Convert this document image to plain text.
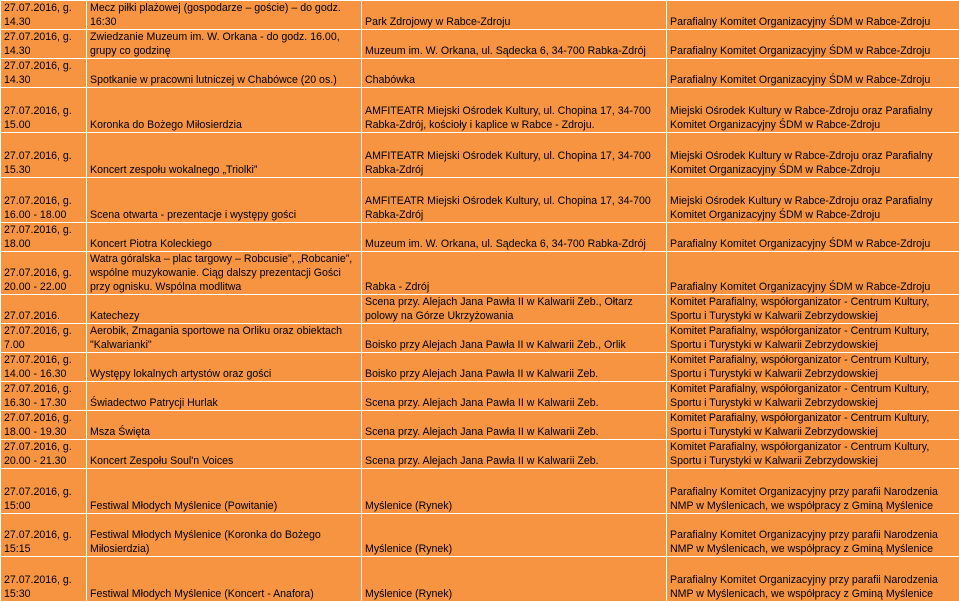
27.07.2016, g. 14.30	Mecz piłki plażowej (gospodarze – goście) – do godz. 16:30	Park Zdrojowy w Rabce-Zdroju	Parafialny Komitet Organizacyjny ŚDM w Rabce-Zdroju
27.07.2016, g. 14.30	Zwiedzanie Muzeum im. W. Orkana - do godz. 16.00, grupy co godzinę	Muzeum im. W. Orkana, ul. Sądecka 6, 34-700 Rabka-Zdrój	Parafialny Komitet Organizacyjny ŚDM w Rabce-Zdroju
27.07.2016, g. 14.30	Spotkanie w pracowni lutniczej w Chabówce (20 os.)	Chabówka	Parafialny Komitet Organizacyjny ŚDM w Rabce-Zdroju
27.07.2016, g. 15.00	Koronka do Bożego Miłosierdzia	AMFITEATR Miejski Ośrodek Kultury, ul. Chopina 17, 34-700 Rabka-Zdrój, kościoły i kaplice w Rabce - Zdroju.	Miejski Ośrodek Kultury w Rabce-Zdroju oraz Parafialny Komitet Organizacyjny ŚDM w Rabce-Zdroju
27.07.2016, g. 15.30	Koncert zespołu wokalnego „Triolki”	AMFITEATR Miejski Ośrodek Kultury, ul. Chopina 17, 34-700 Rabka-Zdrój	Miejski Ośrodek Kultury w Rabce-Zdroju oraz Parafialny Komitet Organizacyjny ŚDM w Rabce-Zdroju
27.07.2016, g. 16.00 - 18.00	Scena otwarta - prezentacje i występy gości	AMFITEATR Miejski Ośrodek Kultury, ul. Chopina 17, 34-700 Rabka-Zdrój	Miejski Ośrodek Kultury w Rabce-Zdroju oraz Parafialny Komitet Organizacyjny ŚDM w Rabce-Zdroju
27.07.2016, g. 18.00	Koncert Piotra Koleckiego	Muzeum im. W. Orkana, ul. Sądecka 6, 34-700 Rabka-Zdrój	Parafialny Komitet Organizacyjny ŚDM w Rabce-Zdroju
27.07.2016, g. 20.00 - 22.00	Watra góralska – plac targowy – Robcusie”, „Robcanie”, wspólne muzykowanie. Ciąg dalszy prezentacji Gości przy ognisku. Wspólna modlitwa	Rabka - Zdrój	Parafialny Komitet Organizacyjny ŚDM w Rabce-Zdroju
27.07.2016.	Katechezy	Scena przy. Alejach Jana Pawła II w Kalwarii Zeb., Ołtarz polowy na Górze Ukrzyżowania	Komitet Parafialny, współorganizator - Centrum Kultury, Sportu i Turystyki w Kalwarii Zebrzydowskiej
27.07.2016, g. 7.00	Aerobik, Zmagania sportowe na Orliku oraz obiektach "Kalwarianki"	Boisko przy Alejach Jana Pawła II w Kalwarii Zeb., Orlik	Komitet Parafialny, współorganizator - Centrum Kultury, Sportu i Turystyki w Kalwarii Zebrzydowskiej
27.07.2016, g. 14.00 - 16.30	Występy lokalnych artystów oraz gości	Boisko przy Alejach Jana Pawła II w Kalwarii Zeb.	Komitet Parafialny, współorganizator - Centrum Kultury, Sportu i Turystyki w Kalwarii Zebrzydowskiej
27.07.2016, g. 16.30 - 17.30	Świadectwo Patrycji Hurlak	Scena przy. Alejach Jana Pawła II w Kalwarii Zeb.	Komitet Parafialny, współorganizator - Centrum Kultury, Sportu i Turystyki w Kalwarii Zebrzydowskiej
27.07.2016, g. 18.00 - 19.30	Msza Święta	Scena przy. Alejach Jana Pawła II w Kalwarii Zeb.	Komitet Parafialny, współorganizator - Centrum Kultury, Sportu i Turystyki w Kalwarii Zebrzydowskiej
27.07.2016, g. 20.00 - 21.30	Koncert Zespołu Soul'n Voices	Scena przy. Alejach Jana Pawła II w Kalwarii Zeb.	Komitet Parafialny, współorganizator - Centrum Kultury, Sportu i Turystyki w Kalwarii Zebrzydowskiej
27.07.2016, g. 15:00	Festiwal Młodych Myślenice (Powitanie)	Myślenice (Rynek)	Parafialny Komitet Organizacyjny przy parafii Narodzenia NMP w Myślenicach, we współpracy z Gminą Myślenice
27.07.2016, g. 15:15	Festiwal Młodych Myślenice (Koronka do Bożego Miłosierdzia)	Myślenice (Rynek)	Parafialny Komitet Organizacyjny przy parafii Narodzenia NMP w Myślenicach, we współpracy z Gminą Myślenice
27.07.2016, g. 15:30	Festiwal Młodych Myślenice (Koncert - Anafora)	Myślenice (Rynek)	Parafialny Komitet Organizacyjny przy parafii Narodzenia NMP w Myślenicach, we współpracy z Gminą Myślenice
